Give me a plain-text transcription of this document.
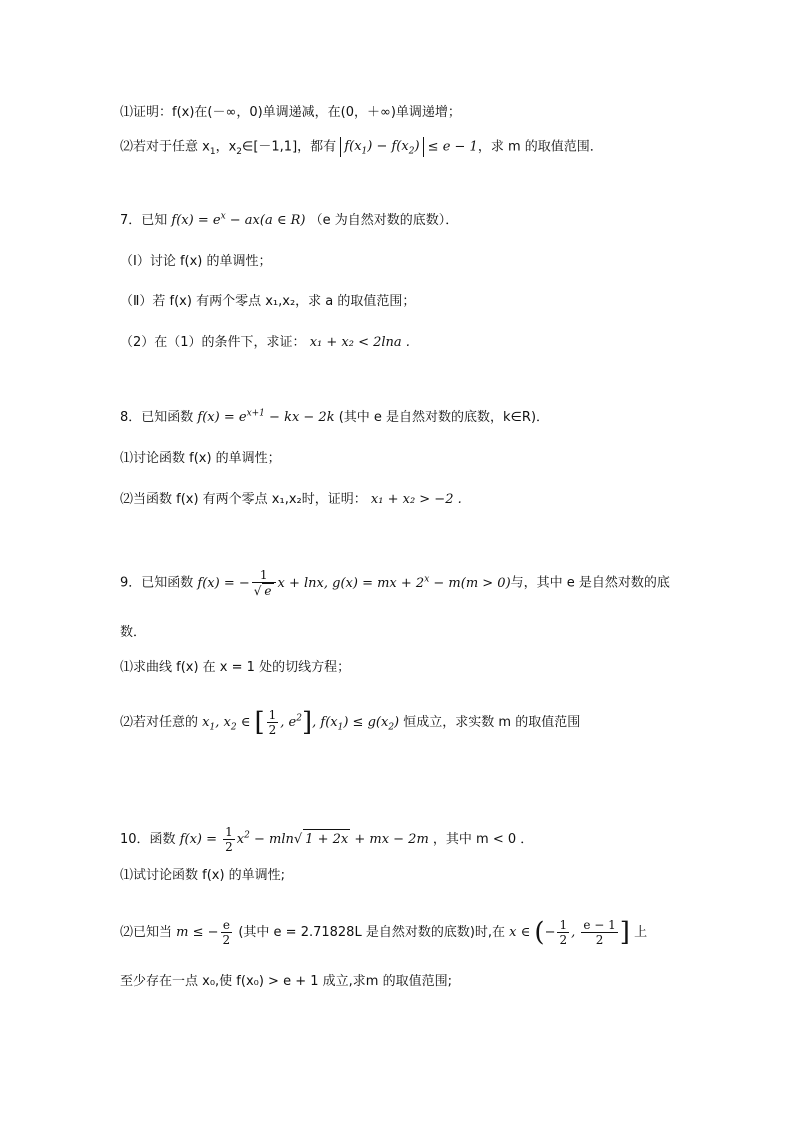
⑴证明：f(x)在(－∞，0)单调递减，在(0，＋∞)单调递增；
⑵若对于任意 $x_1$，$x_2\in[-1,1]$，都有 $f(x_1) - f(x_2) \le e - 1$，求 m 的取值范围．
7．已知 $f(x) = e^x - ax(a$ ∈ R) （e 为自然对数的底数）．
（Ⅰ）讨论 f(x) 的单调性；
（Ⅱ）若 f(x) 有两个零点 x₁,x₂，求 a 的取值范围；
（2）在（1）的条件下，求证： x₁ + x₂ < 2lna .
8．已知函数 $f(x) = e^{x+1}$ − kx − 2k (其中 e 是自然对数的底数，k∈R)．
⑴讨论函数 f(x) 的单调性；
⑵当函数 f(x) 有两个零点 x₁,x₂时，证明： x₁ + x₂ > −2 .
9．已知函数 f(x) = − $\frac{1}{√ e}$ x + lnx, g(x) = mx + $2^x - m(m > 0)$与，其中 e 是自然对数的底
数．
⑴求曲线 f(x) 在 x = 1 处的切线方程；
⑵若对任意的 $x_1$, $x_2$ ∈ [ $\frac{1}{2}$ , $e^2$], $f(x_1) \le g(x_2)$ 恒成立，求实数 m 的取值范围
10．函数 $f(x) = \frac{1}{2} x^2 - mln√$ 1 + 2x + mx − 2m ，其中 m < 0 ．
⑴试讨论函数 f(x) 的单调性;
⑵已知当 m ≤ − $\frac{e}{2}$ (其中 e = 2.71828L 是自然对数的底数)时,在 x ∈ (− $\frac{1}{2}$ , $\frac{e - 1}{2}$ ] 上
至少存在一点 x₀,使 f(x₀) > e + 1 成立,求m 的取值范围;
